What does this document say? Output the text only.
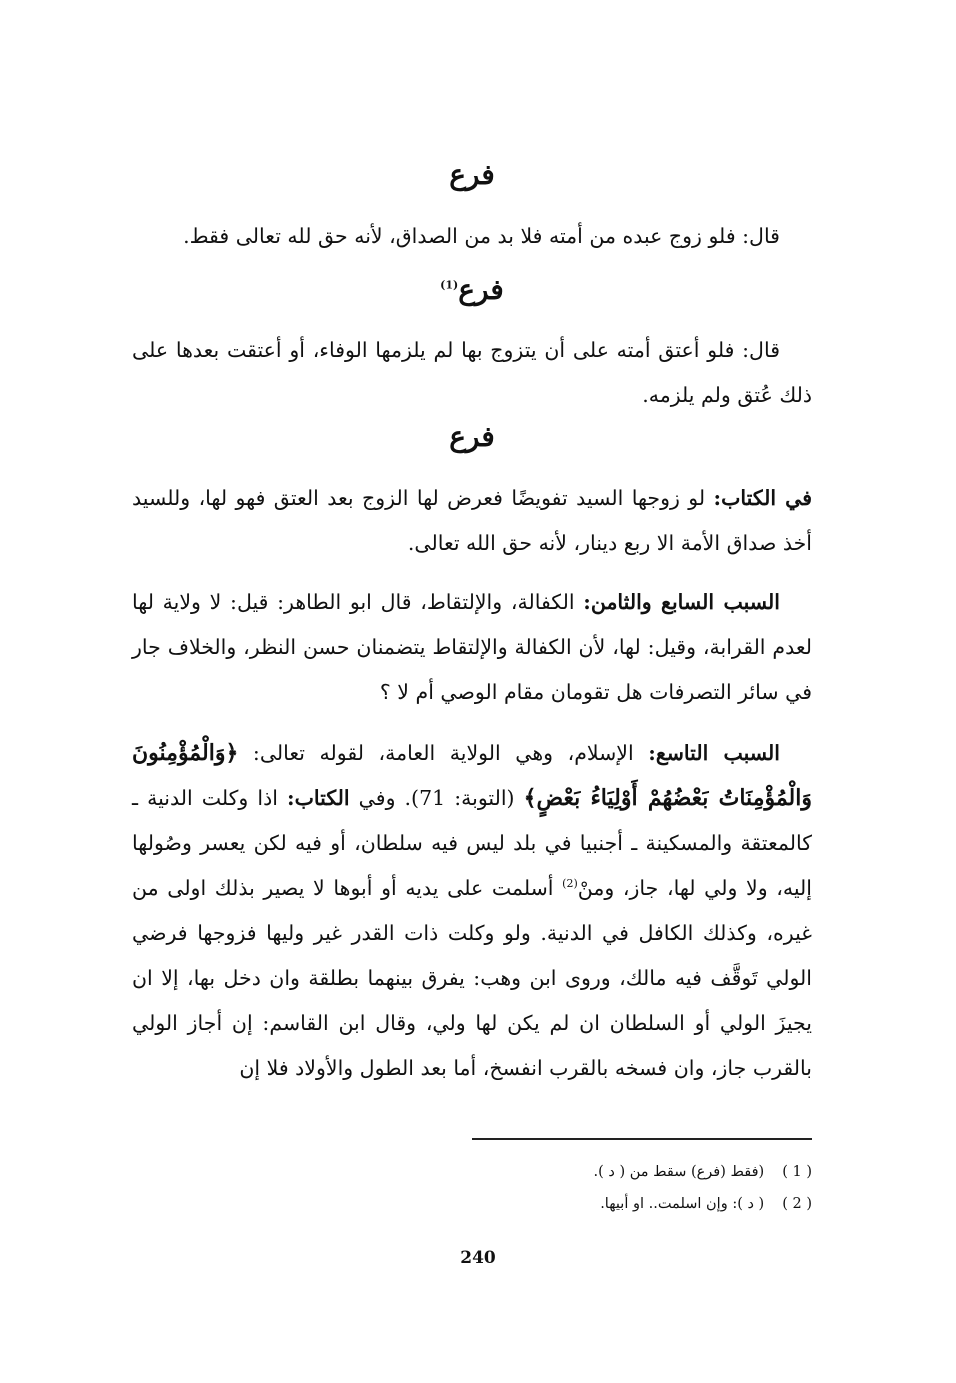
فرع

قال: فلو زوج عبده من أمته فلا بد من الصداق، لأنه حق لله تعالى فقط.

فرع$^{(1)}$

قال: فلو أعتق أمته على أن يتزوج بها لم يلزمها الوفاء، أو أعتقت بعدها على ذلك عُتق ولم يلزمه.

فرع

في الكتاب: لو زوجها السيد تفويضًا فعرض لها الزوج بعد العتق فهو لها، وللسيد أخذ صداق الأمة الا ربع دينار، لأنه حق الله تعالى.

السبب السابع والثامن: الكفالة، والإلتقاط، قال ابو الطاهر: قيل: لا ولاية لها لعدم القرابة، وقيل: لها، لأن الكفالة والإلتقاط يتضمنان حسن النظر، والخلاف جار في سائر التصرفات هل تقومان مقام الوصي أم لا ؟

السبب التاسع: الإسلام، وهي الولاية العامة، لقوله تعالى: ﴿وَالْمُؤْمِنُونَ وَالْمُؤْمِنَاتُ بَعْضُهُمْ أَوْلِيَاءُ بَعْضٍ﴾ (التوبة: 71). وفي الكتاب: اذا وكلت الدنية ـ كالمعتقة والمسكينة ـ أجنبيا في بلد ليس فيه سلطان، أو فيه لكن يعسر وصُولها إليه، ولا ولي لها، جاز، ومنْ$^{(2)}$ أسلمت على يديه أو أبوها لا يصير بذلك اولى من غيره، وكذلك الكافل في الدنية. ولو وكلت ذات القدر غير وليها فزوجها فرضي الولي تَوقَّف فيه مالك، وروى ابن وهب: يفرق بينهما بطلقة وان دخل بها، إلا ان يجيزَ الولي أو السلطان ان لم يكن لها ولي، وقال ابن القاسم: إن أجاز الولي بالقرب جاز، وان فسخه بالقرب انفسخ، أما بعد الطول والأولاد فلا إن

( 1 )(فقط (فرع) سقط من ( د ).
( 2 )( د ): وإن اسلمت.. او أبيها.
240
